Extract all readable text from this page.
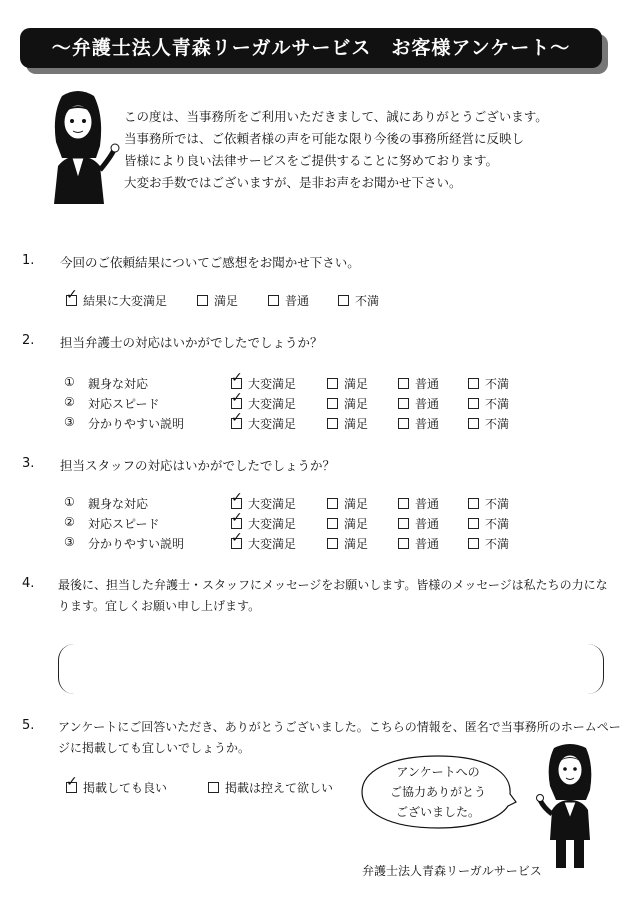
～弁護士法人青森リーガルサービス　お客様アンケート～
この度は、当事務所をご利用いただきまして、誠にありがとうございます。
当事務所では、ご依頼者様の声を可能な限り今後の事務所経営に反映し
皆様により良い法律サービスをご提供することに努めております。
大変お手数ではございますが、是非お声をお聞かせ下さい。
1. 今回のご依頼結果についてご感想をお聞かせ下さい。
✓
結果に大変満足	満足	普通	不満
2. 担当弁護士の対応はいかがでしたでしょうか？
① 親身な対応 ✓	大変満足	満足	普通	不満
② 対応スピード ✓	大変満足	満足	普通	不満
③ 分かりやすい説明 ✓	大変満足	満足	普通	不満
3. 担当スタッフの対応はいかがでしたでしょうか？
① 親身な対応 ✓	大変満足	満足	普通	不満
② 対応スピード ✓	大変満足	満足	普通	不満
③ 分かりやすい説明 ✓	大変満足	満足	普通	不満
4. 最後に、担当した弁護士・スタッフにメッセージをお願いします。皆様のメッセージは私たちの力にな
ります。宜しくお願い申し上げます。
5. アンケートにご回答いただき、ありがとうございました。こちらの情報を、匿名で当事務所のホームペー
ジに掲載しても宜しいでしょうか。
✓
掲載しても良い	掲載は控えて欲しい
アンケートへの
ご協力ありがとう
ございました。
弁護士法人青森リーガルサービス
